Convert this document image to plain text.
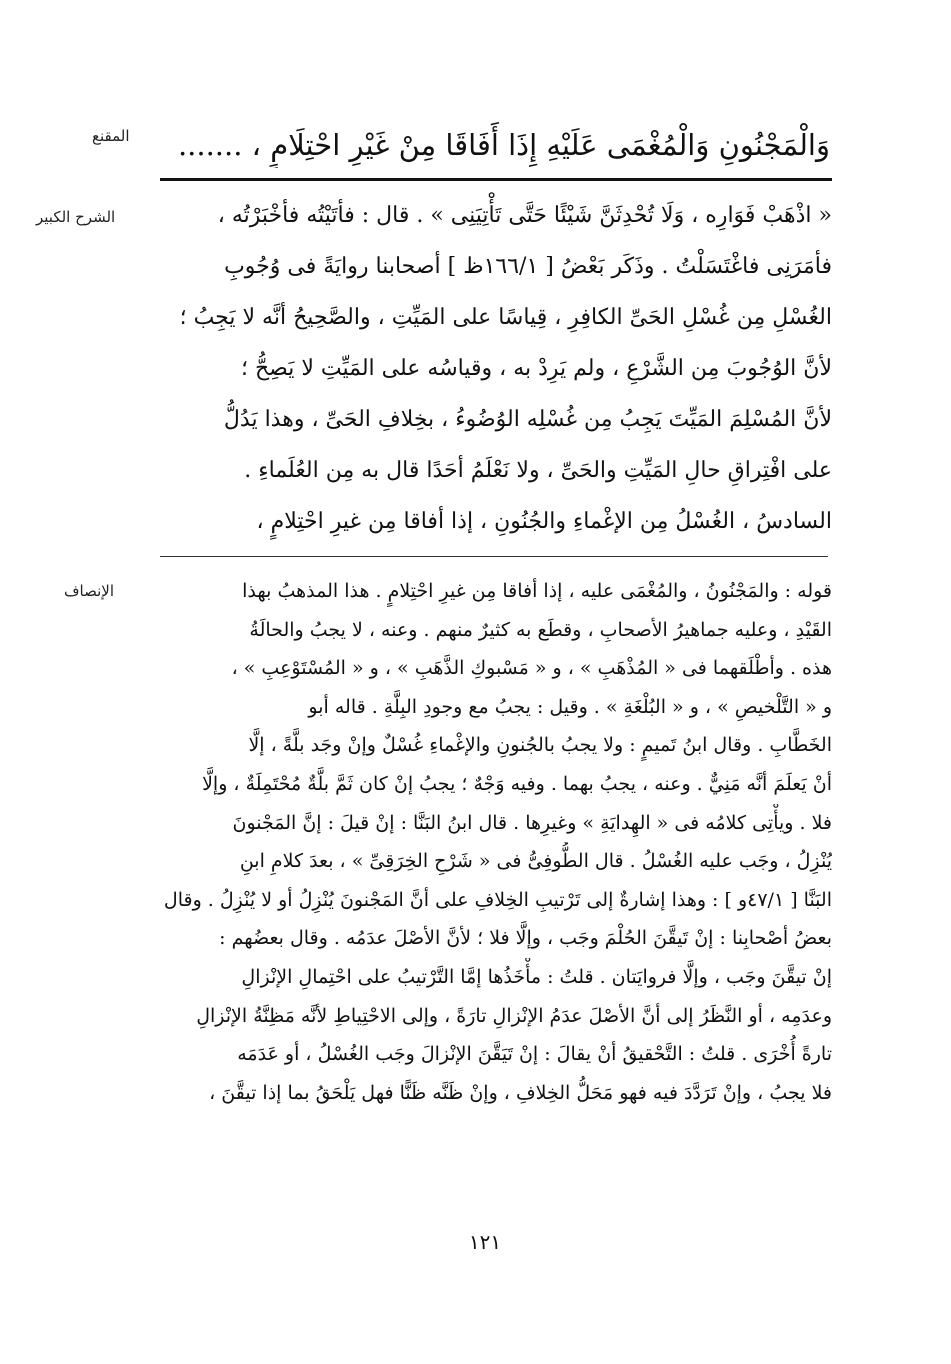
المقنع
الشرح الكبير
الإنصاف
وَالْمَجْنُونِ وَالْمُغْمَى عَلَيْهِ إِذَا أَفَاقَا مِنْ غَيْرِ احْتِلَامٍ ، .......
« اذْهَبْ فَوَارِه ، وَلَا تُحْدِثَنَّ شَيْئًا حَتَّى تَأْتِيَنِى » . قال : فأتَيْتُه فأخْبَرْتُه ،
فأمَرَنِى فاغْتَسَلْتُ . وذَكَر بَعْضُ [ ١٦٦/١ظ ] أصحابنا روايَةً فى وُجُوبِ
الغُسْلِ مِن غُسْلِ الحَىِّ الكافِرِ ، قِياسًا على المَيِّتِ ، والصَّحِيحُ أنَّه لا يَجِبُ ؛
لأنَّ الوُجُوبَ مِن الشَّرْعِ ، ولم يَرِدْ به ، وقياسُه على المَيِّتِ لا يَصِحُّ ؛
لأنَّ المُسْلِمَ المَيِّتَ يَجِبُ مِن غُسْلِه الوُضُوءُ ، بخِلافِ الحَىِّ ، وهذا يَدُلُّ
على افْتِراقِ حالِ المَيِّتِ والحَىِّ ، ولا نَعْلَمُ أحَدًا قال به مِن العُلَماءِ .
السادسُ ، الغُسْلُ مِن الإغْماءِ والجُنُونِ ، إذا أفاقا مِن غيرِ احْتِلامٍ ،
قوله : والمَجْنُونُ ، والمُغْمَى عليه ، إذا أفاقا مِن غيرِ احْتِلامٍ . هذا المذهبُ بهذا
القَيْدِ ، وعليه جماهيرُ الأصحابِ ، وقطَع به كثيرٌ منهم . وعنه ، لا يجبُ والحالَةُ
هذه . وأطْلَقهما فى « المُذْهَبِ » ، و « مَسْبوكِ الذَّهَبِ » ، و « المُسْتَوْعِبِ » ،
و « التَّلْخيصِ » ، و « البُلْغَةِ » . وقيل : يجبُ مع وجودِ البِلَّةِ . قاله أبو
الخَطَّابِ . وقال ابنُ تَميمٍ : ولا يجبُ بالجُنونِ والإغْماءِ غُسْلٌ وإنْ وجَد بلَّةً ، إلَّا
أنْ يَعلَمَ أنَّه مَنِيٌّ . وعنه ، يجبُ بهما . وفيه وَجْهٌ ؛ يجبُ إنْ كان ثَمَّ بلَّةٌ مُحْتَمِلَةٌ ، وإلَّا
فلا . ويأْتِى كلامُه فى « الهِدايَةِ » وغيرِها . قال ابنُ البَنَّا : إنْ قيلَ : إنَّ المَجْنونَ
يُنْزِلُ ، وجَب عليه الغُسْلُ . قال الطُّوفِىُّ فى « شَرْحِ الخِرَقِىِّ » ، بعدَ كلامِ ابنِ
البَنَّا [ ٤٧/١و ] : وهذا إشارةٌ إلى تَرْتيبِ الخِلافِ على أنَّ المَجْنونَ يُنْزِلُ أو لا يُنْزِلُ . وقال
بعضُ أصْحابِنا : إنْ تَيقَّنَ الحُلْمَ وجَب ، وإلَّا فلا ؛ لأنَّ الأصْلَ عدَمُه . وقال بعضُهم :
إنْ تيقَّنَ وجَب ، وإلَّا فروايَتان . قلتُ : مأْخَذُها إمَّا التَّرْتيبُ على احْتِمالِ الإنْزالِ
وعدَمِه ، أو النَّظَرُ إلى أنَّ الأصْلَ عدَمُ الإنْزالِ تارَةً ، وإلى الاحْتِياطِ لأنَّه مَظِنَّةُ الإنْزالِ
تارةً أُخْرَى . قلتُ : التَّحْقيقُ أنْ يقالَ : إنْ تَيَقَّنَ الإنْزالَ وجَب الغُسْلُ ، أو عَدَمَه
فلا يجبُ ، وإنْ تَرَدَّدَ فيه فهو مَحَلُّ الخِلافِ ، وإنْ ظَنَّه ظَنًّا فهل يَلْحَقُ بما إذا تيقَّنَ ،
١٢١
